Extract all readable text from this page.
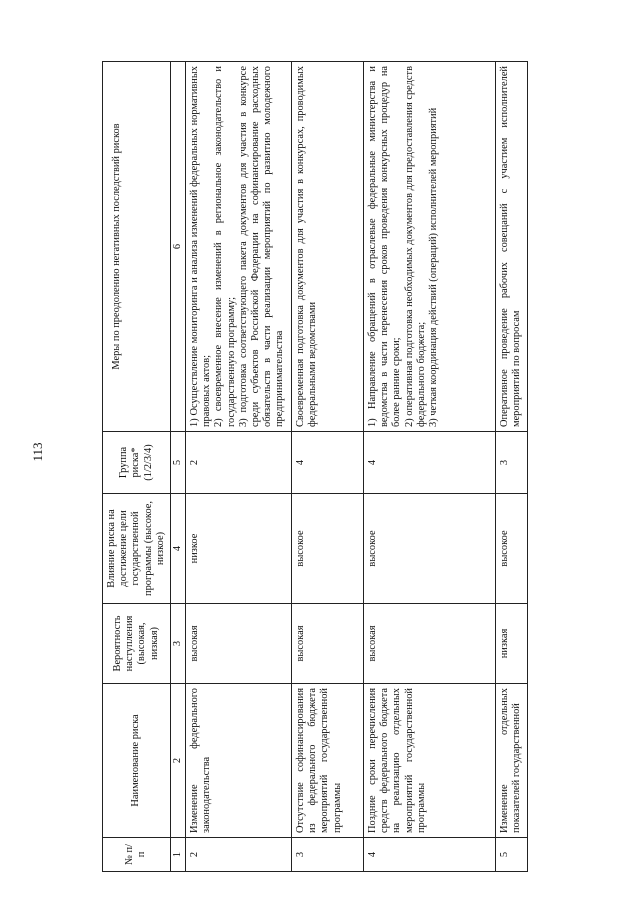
113
№ п/п	Наименование риска	Вероятность наступления (высокая, низкая)	Влияние риска на достижение цели государственной программы (высокое, низкое)	Группа риска* (1/2/3/4)	Меры по преодолению негативных последствий рисков
1	2	3	4	5	6
2	Изменение федерального законодательства	высокая	низкое	2	1) Осуществление мониторинга и анализа изменений федеральных нормативных правовых актов; 2) своевременное внесение изменений в региональное законодательство и государственную программу; 3) подготовка соответствующего пакета документов для участия в конкурсе среди субъектов Российской Федерации на софинансирование расходных обязательств в части реализации мероприятий по развитию молодежного предпринимательства

3	Отсутствие софинансирования из федерального бюджета мероприятий государственной программы	высокая	высокое	4	Своевременная подготовка документов для участия в конкурсах, проводимых федеральными ведомствами

4	Поздние сроки перечисления средств федерального бюджета на реализацию отдельных мероприятий государственной программы	высокая	высокое	4	1) Направление обращений в отраслевые федеральные министерства и ведомства в части перенесения сроков проведения конкурсных процедур на более ранние сроки; 2) оперативная подготовка необходимых документов для предоставления средств федерального бюджета; 3) четкая координация действий (операций) исполнителей мероприятий

5	Изменение отдельных показателей государственной	низкая	высокое	3	Оперативное проведение рабочих совещаний с участием исполнителей мероприятий по вопросам
